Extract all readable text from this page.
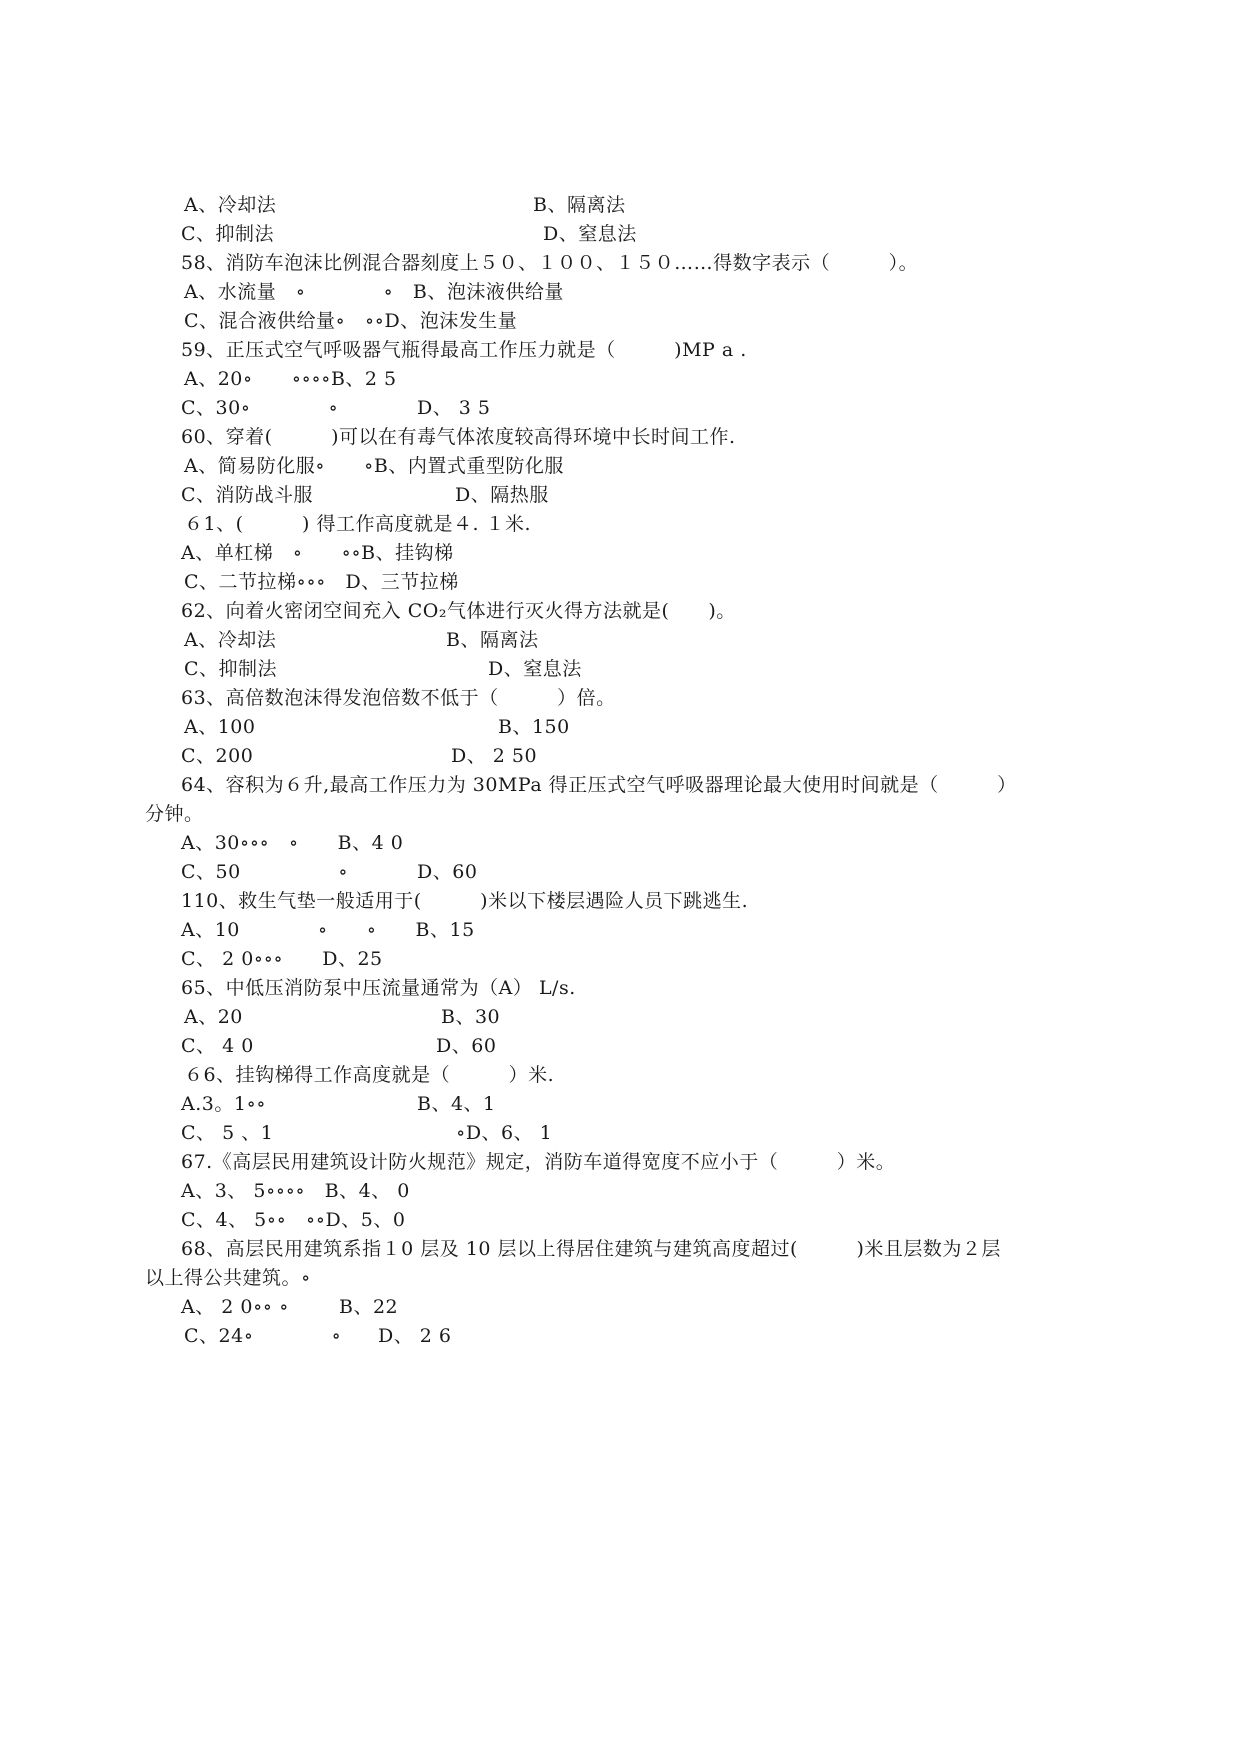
A、冷却法	B、隔离法
C、抑制法	D、窒息法
58、消防车泡沫比例混合器刻度上５０、１００、１５０……得数字表示（　　　）。
A、水流量　∘　　　　∘　B、泡沫液供给量
C、混合液供给量∘　∘∘D、泡沫发生量
59、正压式空气呼吸器气瓶得最高工作压力就是（　　　)MP a .
A、20∘　　∘∘∘∘B、2 5
C、30∘　　　　∘	D、 3 5
60、穿着(　　　)可以在有毒气体浓度较高得环境中长时间工作.
A、简易防化服∘　　∘B、内置式重型防化服
C、消防战斗服	D、隔热服
６1、(　　　) 得工作高度就是４. １米.
A、单杠梯　∘　　∘∘B、挂钩梯
C、二节拉梯∘∘∘　D、三节拉梯
62、向着火密闭空间充入 CO₂气体进行灭火得方法就是(　　)。
A、冷却法	B、隔离法
C、抑制法	D、窒息法
63、高倍数泡沫得发泡倍数不低于（　　　）倍。
A、100	B、150
C、200	D、 2 50
64、容积为６升,最高工作压力为 30MPa 得正压式空气呼吸器理论最大使用时间就是（　　　）
分钟。
A、30∘∘∘　∘　　B、4 0
C、50　　　　　∘	D、60
110、救生气垫一般适用于(　　　)米以下楼层遇险人员下跳逃生.
A、10　　　　∘　　∘　　B、15
C、 2 0∘∘∘　　D、25
65、中低压消防泵中压流量通常为（A） L/s.
A、20	B、30
C、 4 0	D、60
６6、挂钩梯得工作高度就是（　　　）米.
A.3。1∘∘	B、4、1
C、 5 、1	∘D、6、 1
67.《高层民用建筑设计防火规范》规定，消防车道得宽度不应小于（　　　）米。
A、3、 5∘∘∘∘　B、4、 0
C、4、 5∘∘　∘∘D、5、0
68、高层民用建筑系指１0 层及 10 层以上得居住建筑与建筑高度超过(　　　)米且层数为２层
以上得公共建筑。∘
A、 2 0∘∘ ∘	B、22
C、24∘　　　　∘ D、 2 6
